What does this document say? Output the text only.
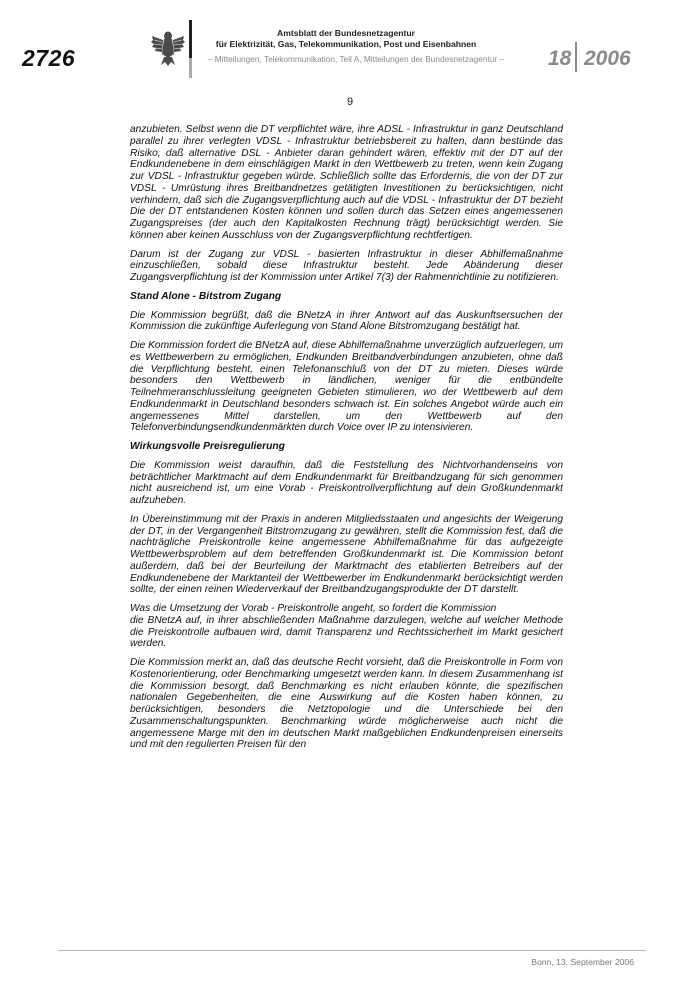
2726
Amtsblatt der Bundesnetzagentur
für Elektrizität, Gas, Telekommunikation, Post und Eisenbahnen
– Mitteilungen, Telekommunikation, Teil A, Mitteilungen der Bundesnetzagentur –	18 2006
9

anzubieten. Selbst wenn die DT verpflichtet wäre, ihre ADSL - Infrastruktur in ganz Deutschland parallel zu ihrer verlegten VDSL - Infrastruktur betriebsbereit zu halten, dann bestünde das Risiko, daß alternative DSL - Anbieter daran gehindert wären, effektiv mit der DT auf der Endkundenebene in dem einschlägigen Markt in den Wettbewerb zu treten, wenn kein Zugang zur VDSL - Infrastruktur gegeben würde. Schließlich sollte das Erfordernis, die von der DT zur VDSL - Umrüstung ihres Breitbandnetzes getätigten Investitionen zu berücksichtigen, nicht verhindern, daß sich die Zugangsverpflichtung auch auf die VDSL - Infrastruktur der DT bezieht Die der DT entstandenen Kosten können und sollen durch das Setzen eines angemessenen Zugangspreises (der auch den Kapitalkosten Rechnung trägt) berücksichtigt werden. Sie können aber keinen Ausschluss von der Zugangsverpflichtung rechtfertigen.

Darum ist der Zugang zur VDSL - basierten Infrastruktur in dieser Abhilfemaßnahme einzuschließen, sobald diese Infrastruktur besteht. Jede Abänderung dieser Zugangsverpflichtung ist der Kommission unter Artikel 7(3) der Rahmenrichtlinie zu notifizieren.

Stand Alone - Bitstrom Zugang

Die Kommission begrüßt, daß die BNetzA in ihrer Antwort auf das Auskunftsersuchen der Kommission die zukünftige Auferlegung von Stand Alone Bitstromzugang bestätigt hat.

Die Kommission fordert die BNetzA auf, diese Abhilfemaßnahme unverzüglich aufzuerlegen, um es Wettbewerbern zu ermöglichen, Endkunden Breitbandverbindungen anzubieten, ohne daß die Verpflichtung besteht, einen Telefonanschluß von der DT zu mieten. Dieses würde besonders den Wettbewerb in ländlichen, weniger für die entbündelte Teilnehmeranschlussleitung geeigneten Gebieten stimulieren, wo der Wettbewerb auf dem Endkundenmarkt in Deutschland besonders schwach ist. Ein solches Angebot würde auch ein angemessenes Mittel darstellen, um den Wettbewerb auf den Telefonverbindungsendkundenmärkten durch Voice over IP zu intensivieren.

Wirkungsvolle Preisregulierung

Die Kommission weist daraufhin, daß die Feststellung des Nichtvorhandenseins von beträchtlicher Marktmacht auf dem Endkundenmarkt für Breitbandzugang für sich genommen nicht ausreichend ist, um eine Vorab - Preiskontrollverpflichtung auf dein Großkundenmarkt aufzuheben.

In Übereinstimmung mit der Praxis in anderen Mitgliedsstaaten und angesichts der Weigerung der DT, in der Vergangenheit Bitstromzugang zu gewähren, stellt die Kommission fest, daß die nachträgliche Preiskontrolle keine angemessene Abhilfemaßnahme für das aufgezeigte Wettbewerbsproblem auf dem betreffenden Großkundenmarkt ist. Die Kommission betont außerdem, daß bei der Beurteilung der Marktmacht des etablierten Betreibers auf der Endkundenebene der Marktanteil der Wettbewerber im Endkundenmarkt berücksichtigt werden sollte, der einen reinen Wiederverkauf der Breitbandzugangsprodukte der DT darstellt.

Was die Umsetzung der Vorab - Preiskontrolle angeht, so fordert die Kommission

die BNetzA auf, in ihrer abschließenden Maßnahme darzulegen, welche auf welcher Methode die Preiskontrolle aufbauen wird, damit Transparenz und Rechtssicherheit im Markt gesichert werden.

Die Kommission merkt an, daß das deutsche Recht vorsieht, daß die Preiskontrolle in Form von Kostenorientierung, oder Benchmarking umgesetzt werden kann. In diesem Zusammenhang ist die Kommission besorgt, daß Benchmarking es nicht erlauben könnte, die spezifischen nationalen Gegebenheiten, die eine Auswirkung auf die Kosten haben können, zu berücksichtigen, besonders die Netztopologie und die Unterschiede bei den Zusammenschaltungspunkten. Benchmarking würde möglicherweise auch nicht die angemessene Marge mit den im deutschen Markt maßgeblichen Endkundenpreisen einerseits und mit den regulierten Preisen für den

Bonn, 13. September 2006
